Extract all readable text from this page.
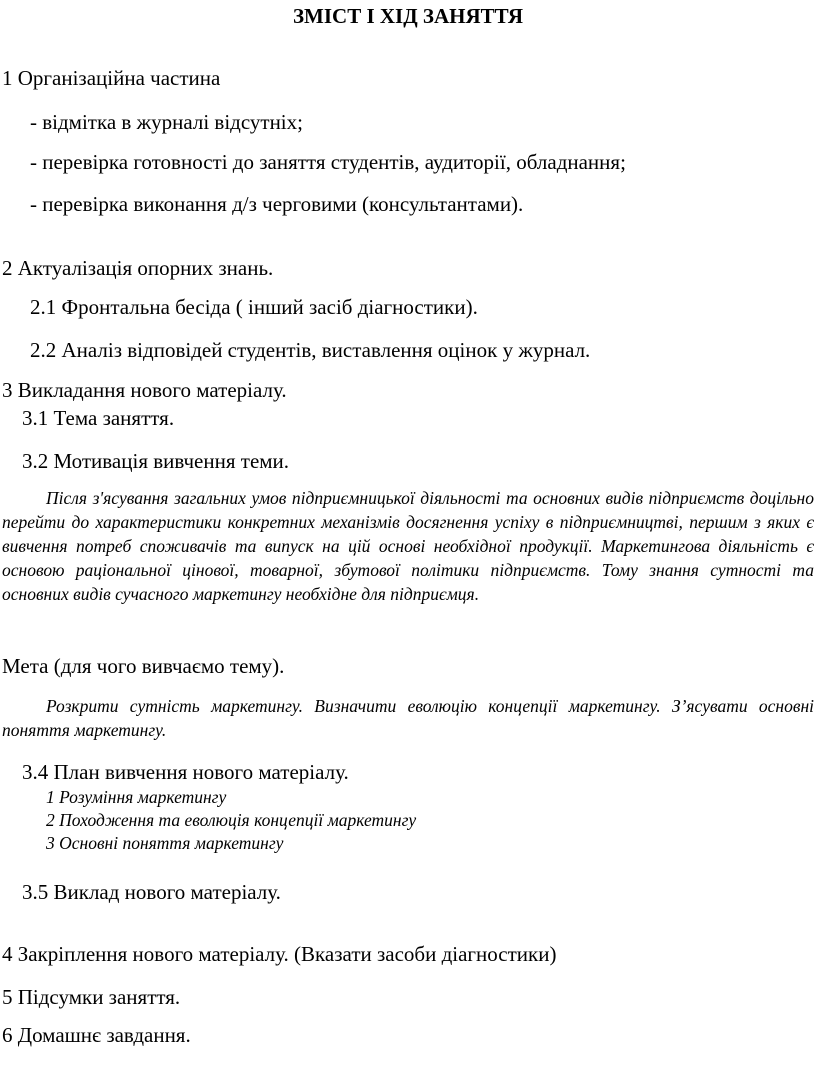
ЗМІСТ І ХІД ЗАНЯТТЯ
1 Організаційна частина
- відмітка в журналі відсутніх;
- перевірка готовності до заняття студентів, аудиторії, обладнання;
- перевірка виконання д/з черговими (консультантами).
2 Актуалізація опорних знань.
2.1 Фронтальна бесіда ( інший засіб діагностики).
2.2 Аналіз відповідей студентів, виставлення оцінок у журнал.
3 Викладання нового матеріалу.
3.1 Тема заняття.
3.2 Мотивація вивчення теми.
Після з'ясування загальних умов підприємницької діяльності та основних видів підприємств доцільно перейти до характеристики конкретних механізмів досягнення успіху в підприємництві, першим з яких є вивчення потреб споживачів та випуск на цій основі необхідної продукції. Маркетингова діяльність є основою раціональної цінової, товарної, збутової політики підприємств. Тому знання сутності та основних видів сучасного маркетингу необхідне для підприємця.
Мета (для чого вивчаємо тему).
Розкрити сутність маркетингу. Визначити еволюцію концепції маркетингу. З’ясувати основні поняття маркетингу.
3.4 План вивчення нового матеріалу.
1 Розуміння маркетингу
2 Походження та еволюція концепції маркетингу
3 Основні поняття маркетингу
3.5 Виклад нового матеріалу.
4 Закріплення нового матеріалу. (Вказати засоби діагностики)
5 Підсумки заняття.
6 Домашнє завдання.
